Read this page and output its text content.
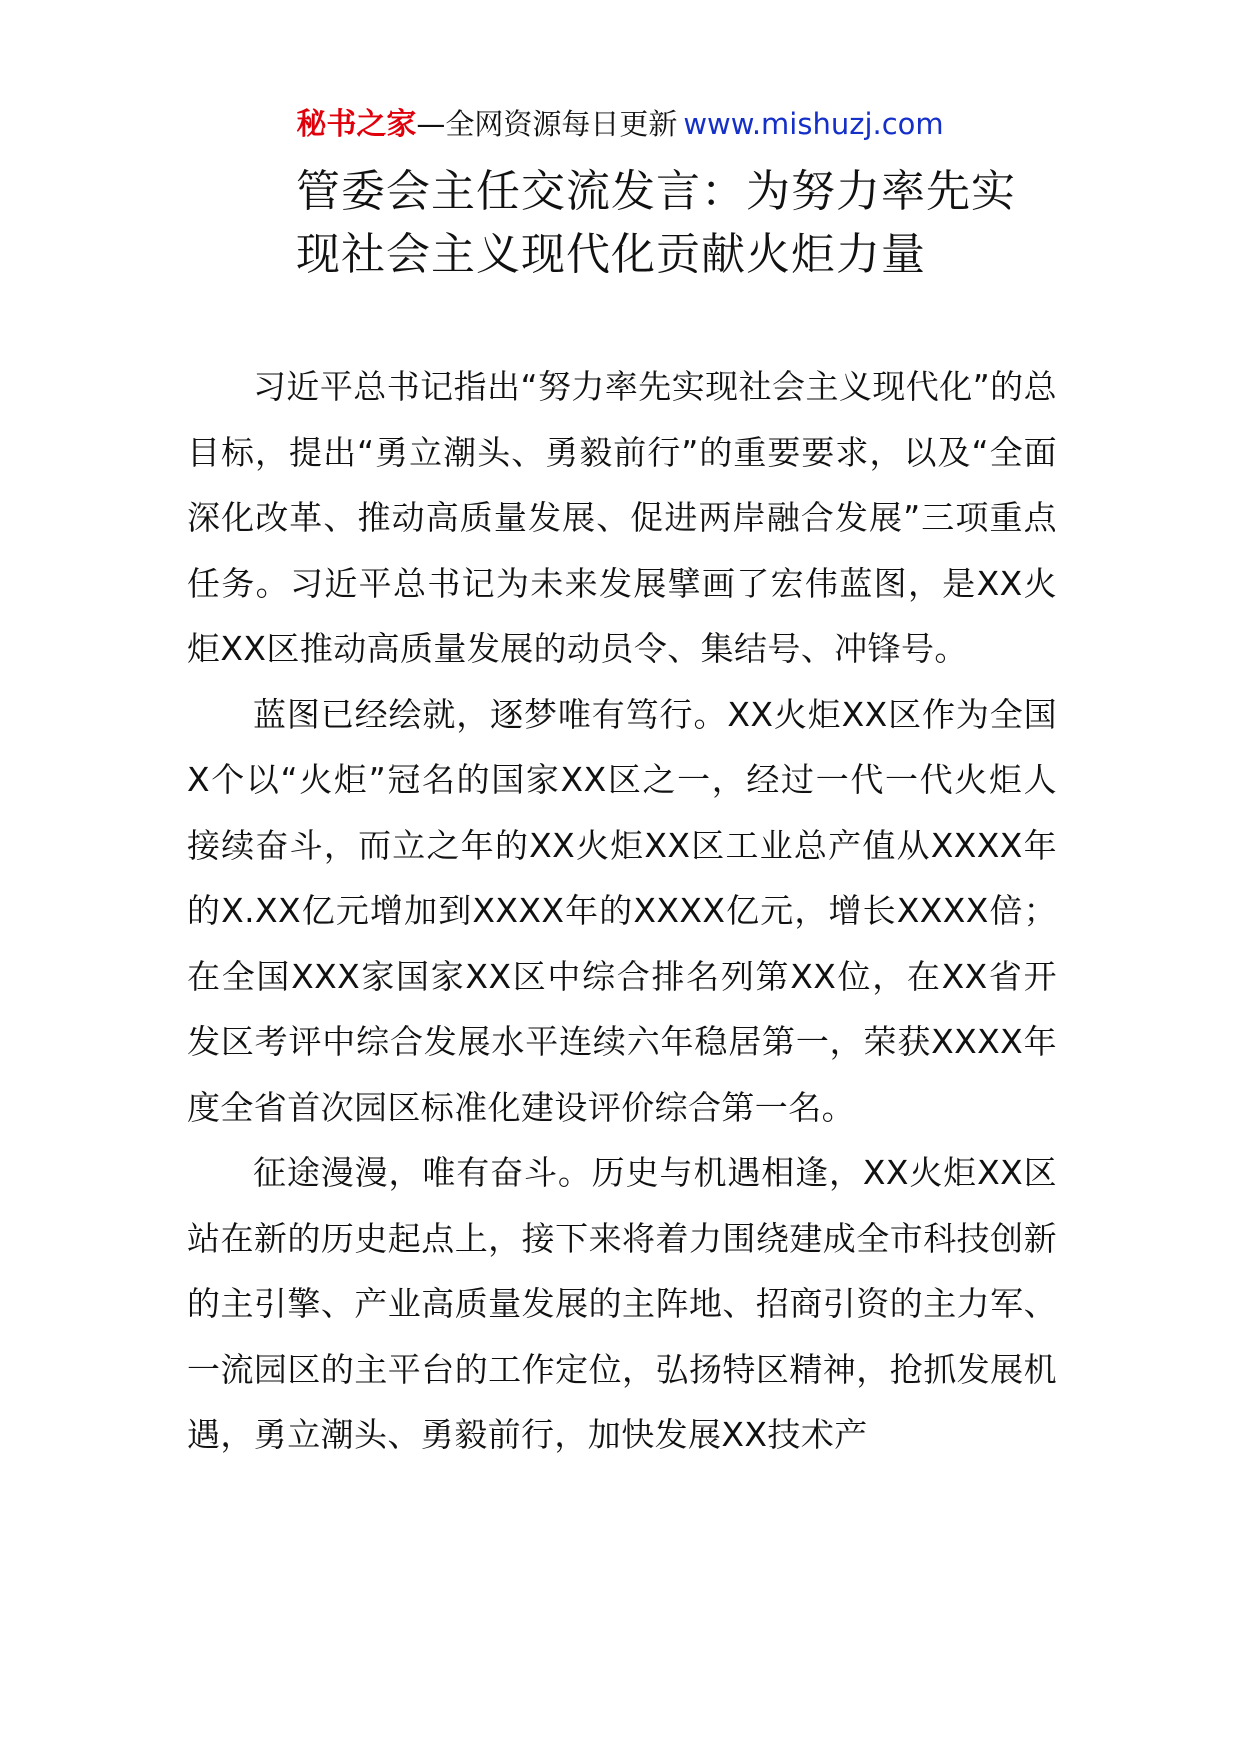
秘书之家—全网资源每日更新 www.mishuzj.com
管委会主任交流发言：为努力率先实
现社会主义现代化贡献火炬力量

习近平总书记指出“努力率先实现社会主义现代化”的总目标，提出“勇立潮头、勇毅前行”的重要要求，以及“全面深化改革、推动高质量发展、促进两岸融合发展”三项重点任务。习近平总书记为未来发展擘画了宏伟蓝图，是XX火炬XX区推动高质量发展的动员令、集结号、冲锋号。

蓝图已经绘就，逐梦唯有笃行。XX火炬XX区作为全国X个以“火炬”冠名的国家XX区之一，经过一代一代火炬人接续奋斗，而立之年的XX火炬XX区工业总产值从XXXX年的X.XX亿元增加到XXXX年的XXXX亿元，增长XXXX倍；在全国XXX家国家XX区中综合排名列第XX位，在XX省开发区考评中综合发展水平连续六年稳居第一，荣获XXXX年度全省首次园区标准化建设评价综合第一名。

征途漫漫，唯有奋斗。历史与机遇相逢，XX火炬XX区站在新的历史起点上，接下来将着力围绕建成全市科技创新的主引擎、产业高质量发展的主阵地、招商引资的主力军、一流园区的主平台的工作定位，弘扬特区精神，抢抓发展机遇，勇立潮头、勇毅前行，加快发展XX技术产
